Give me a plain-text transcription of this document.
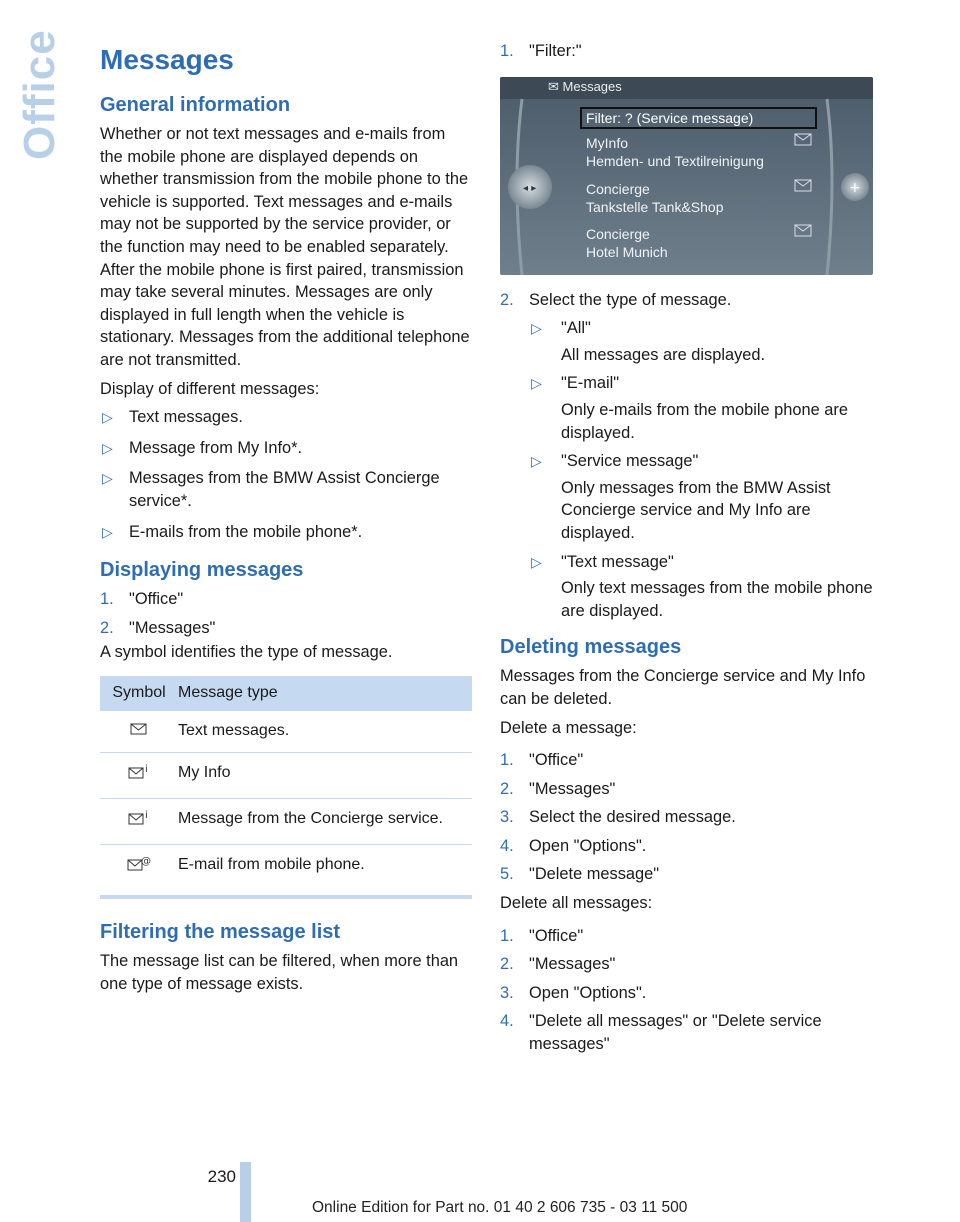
Office Messages
General information

Whether or not text messages and e-mails from the mobile phone are displayed depends on whether transmission from the mobile phone to the vehicle is supported. Text messages and e-mails may not be supported by the service provider, or the function may need to be enabled separately. After the mobile phone is first paired, transmission may take several minutes. Messages are only displayed in full length when the vehicle is stationary. Messages from the additional telephone are not transmitted.

Display of different messages:

▷ Text messages.
▷ Message from My Info*.
▷ Messages from the BMW Assist Concierge service*.
▷ E-mails from the mobile phone*.
Displaying messages
1. "Office"
2. "Messages"

A symbol identifies the type of message.

Symbol	Message type
	Text messages.

i	My Info

i	Message from the Concierge service.

@	E-mail from mobile phone.
Filtering the message list

The message list can be filtered, when more than one type of message exists.

1. "Filter:"
◂ ▸	+
✉ Messages
Filter: ? (Service message)
MyInfo
Hemden- und Textilreinigung
Concierge
Tankstelle Tank&Shop
Concierge
Hotel Munich
2. Select the type of message.
▷ "All"
All messages are displayed.
▷ "E-mail"
Only e-mails from the mobile phone are displayed.
▷ "Service message"
Only messages from the BMW Assist Concierge service and My Info are displayed.
▷ "Text message"
Only text messages from the mobile phone are displayed.
Deleting messages

Messages from the Concierge service and My Info can be deleted.

Delete a message:

1. "Office"
2. "Messages"
3. Select the desired message.
4. Open "Options".
5. "Delete message"

Delete all messages:

1. "Office"
2. "Messages"
3. Open "Options".
4. "Delete all messages" or "Delete service messages"
230
Online Edition for Part no. 01 40 2 606 735 - 03 11 500
